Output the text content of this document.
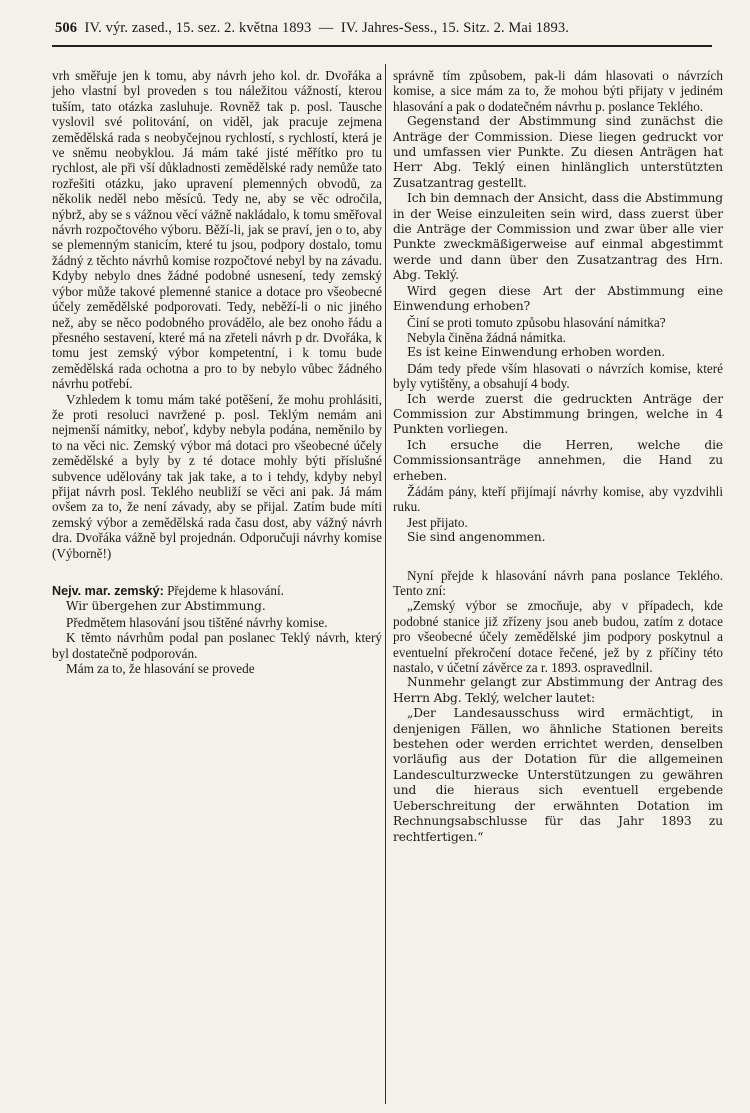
506 IV. výr. zased., 15. sez. 2. května 1893 — IV. Jahres-Sess., 15. Sitz. 2. Mai 1893.

vrh směřuje jen k tomu, aby návrh jeho kol. dr. Dvořáka a jeho vlastní byl proveden s tou náležitou vážností, kterou tuším, tato otázka zasluhuje. Rovněž tak p. posl. Tausche vyslovil své politování, on viděl, jak pracuje zejmena zemědělská rada s neobyčejnou rychlostí, s rychlostí, která je ve sněmu neobyklou. Já mám také jisté měřítko pro tu rychlost, ale při vší důkladnosti zemědělské rady nemůže tato rozřešiti otázku, jako upravení plemenných obvodů, za několik neděl nebo měsíců. Tedy ne, aby se věc odročila, nýbrž, aby se s vážnou věcí vážně nakládalo, k tomu směřoval návrh rozpočtového výboru. Běží-li, jak se praví, jen o to, aby se plemenným stanicím, které tu jsou, podpory dostalo, tomu žádný z těchto návrhů komise rozpočtové nebyl by na závadu. Kdyby nebylo dnes žádné podobné usnesení, tedy zemský výbor může takové plemenné stanice a dotace pro všeobecné účely zemědělské podporovati. Tedy, neběží-li o nic jiného než, aby se něco podobného provádělo, ale bez onoho řádu a přesného sestavení, které má na zřeteli návrh p dr. Dvořáka, k tomu jest zemský výbor kompetentní, i k tomu bude zemědělská rada ochotna a pro to by nebylo vůbec žádného návrhu potřebí.

Vzhledem k tomu mám také potěšení, že mohu prohlásiti, že proti resoluci navržené p. posl. Teklým nemám ani nejmenší námitky, neboť, kdyby nebyla podána, neměnilo by to na věci nic. Zemský výbor má dotaci pro všeobecné účely zemědělské a byly by z té dotace mohly býti příslušné subvence udělovány tak jak take, a to i tehdy, kdyby nebyl přijat návrh posl. Teklého neubliží se věci ani pak. Já mám ovšem za to, že není závady, aby se přijal. Zatím bude míti zemský výbor a zemědělská rada času dost, aby vážný návrh dra. Dvořáka vážně byl projednán. Odporučuji návrhy komise (Výborně!)

Nejv. mar. zemský: Přejdeme k hlasování.

Wir übergehen zur Abstimmung.

Předmětem hlasování jsou tištěné návrhy komise.

K těmto návrhům podal pan poslanec Teklý návrh, který byl dostatečně podporován.

Mám za to, že hlasování se provede

správně tím způsobem, pak-li dám hlasovati o návrzích komise, a sice mám za to, že mohou býti přijaty v jediném hlasování a pak o dodatečném návrhu p. poslance Teklého.

Gegenstand der Abstimmung sind zunächst die Anträge der Commission. Diese liegen gedruckt vor und umfassen vier Punkte. Zu diesen Anträgen hat Herr Abg. Teklý einen hinlänglich unterstützten Zusatzantrag gestellt.

Ich bin demnach der Ansicht, dass die Abstimmung in der Weise einzuleiten sein wird, dass zuerst über die Anträge der Commission und zwar über alle vier Punkte zweckmäßigerweise auf einmal abgestimmt werde und dann über den Zusatzantrag des Hrn. Abg. Teklý.

Wird gegen diese Art der Abstimmung eine Einwendung erhoben?

Činí se proti tomuto způsobu hlasování námitka?

Nebyla činěna žádná námitka.

Es ist keine Einwendung erhoben worden.

Dám tedy přede vším hlasovati o návrzích komise, které byly vytištěny, a obsahují 4 body.

Ich werde zuerst die gedruckten Anträge der Commission zur Abstimmung bringen, welche in 4 Punkten vorliegen.

Ich ersuche die Herren, welche die Commissionsanträge annehmen, die Hand zu erheben.

Žádám pány, kteří přijímají návrhy komise, aby vyzdvihli ruku.

Jest přijato.

Sie sind angenommen.

Nyní přejde k hlasování návrh pana poslance Teklého. Tento zní:

„Zemský výbor se zmocňuje, aby v případech, kde podobné stanice již zřízeny jsou aneb budou, zatím z dotace pro všeobecné účely zemědělské jim podpory poskytnul a eventuelní překročení dotace řečené, jež by z příčiny této nastalo, v účetní závěrce za r. 1893. ospravedlnil.

Nunmehr gelangt zur Abstimmung der Antrag des Herrn Abg. Teklý, welcher lautet:

„Der Landesausschuss wird ermächtigt, in denjenigen Fällen, wo ähnliche Stationen bereits bestehen oder werden errichtet werden, denselben vorläufig aus der Dotation für die allgemeinen Landesculturzwecke Unterstützungen zu gewähren und die hieraus sich eventuell ergebende Ueberschreitung der erwähnten Dotation im Rechnungsabschlusse für das Jahr 1893 zu rechtfertigen.“
